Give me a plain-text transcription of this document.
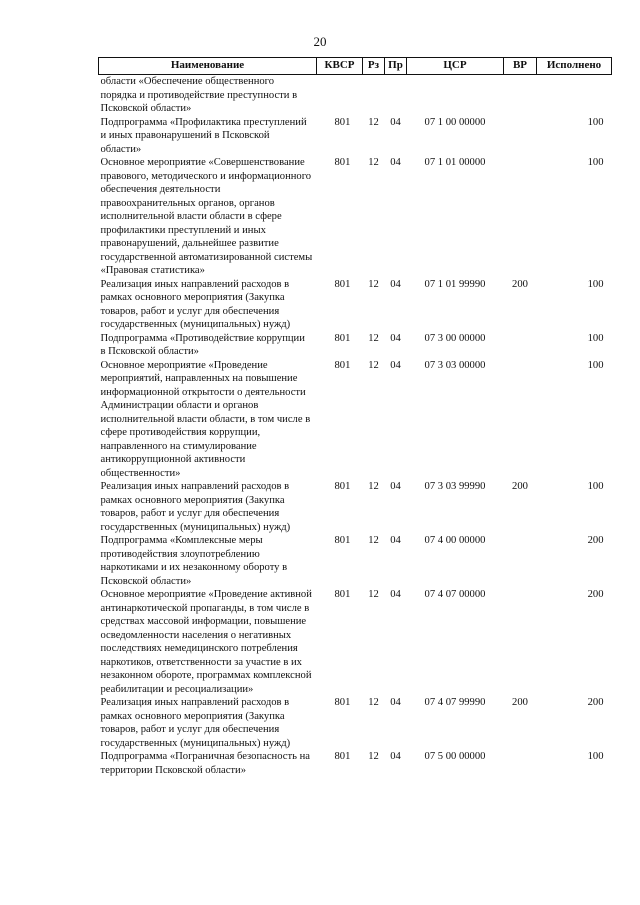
20
Наименование	КВСР	Рз	Пр	ЦСР	ВР	Исполнено
области «Обеспечение общественного порядка и противодействие преступности в Псковской области»						
Подпрограмма «Профилактика преступлений и иных правонарушений в Псковской области»	801	12	04	07 1 00 00000		100
Основное мероприятие «Совершенствование правового, методического и информационного обеспечения деятельности правоохранительных органов, органов исполнительной власти области в сфере профилактики преступлений и иных правонарушений, дальнейшее развитие государственной автоматизированной системы «Правовая статистика»	801	12	04	07 1 01 00000		100
Реализация иных направлений расходов в рамках основного мероприятия (Закупка товаров, работ и услуг для обеспечения государственных (муниципальных) нужд)	801	12	04	07 1 01 99990	200	100
Подпрограмма «Противодействие коррупции в Псковской области»	801	12	04	07 3 00 00000		100
Основное мероприятие «Проведение мероприятий, направленных на повышение информационной открытости о деятельности Администрации области и органов исполнительной власти области, в том числе в сфере противодействия коррупции, направленного на стимулирование антикоррупционной активности общественности»	801	12	04	07 3 03 00000		100
Реализация иных направлений расходов в рамках основного мероприятия (Закупка товаров, работ и услуг для обеспечения государственных (муниципальных) нужд)	801	12	04	07 3 03 99990	200	100
Подпрограмма «Комплексные меры противодействия злоупотреблению наркотиками и их незаконному обороту в Псковской области»	801	12	04	07 4 00 00000		200
Основное мероприятие «Проведение активной антинаркотической пропаганды, в том числе в средствах массовой информации, повышение осведомленности населения о негативных последствиях немедицинского потребления наркотиков, ответственности за участие в их незаконном обороте, программах комплексной реабилитации и ресоциализации»	801	12	04	07 4 07 00000		200
Реализация иных направлений расходов в рамках основного мероприятия (Закупка товаров, работ и услуг для обеспечения государственных (муниципальных) нужд)	801	12	04	07 4 07 99990	200	200
Подпрограмма «Пограничная безопасность на территории Псковской области»	801	12	04	07 5 00 00000		100
